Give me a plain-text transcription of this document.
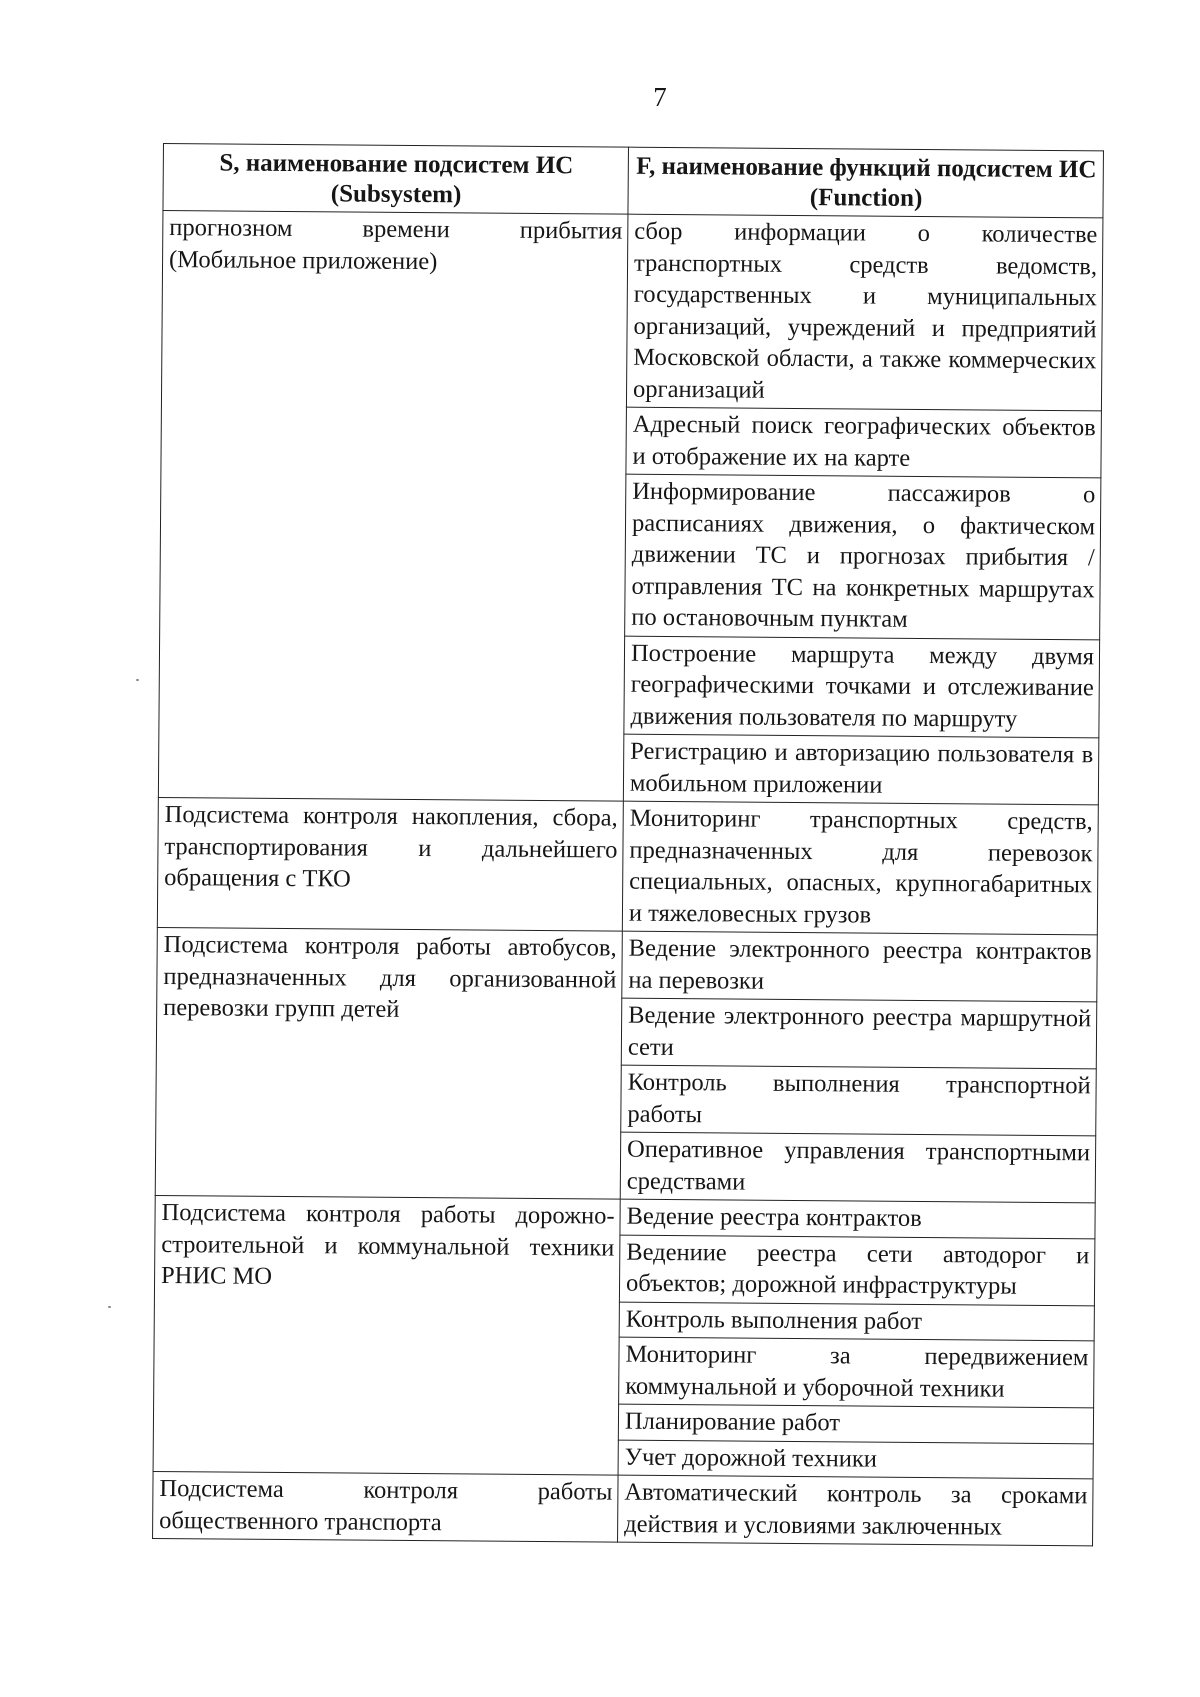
7
S, наименование подсистем ИС (Subsystem)	F, наименование функций подсистем ИС (Function)
прогнозном времени прибытия (Мобильное приложение)	сбор информации о количестве транспортных средств ведомств, государственных и муниципальных организаций, учреждений и предприятий Московской области, а также коммерческих организаций
	Адресный поиск географических объектов и отображение их на карте
	Информирование пассажиров о расписаниях движения, о фактическом движении ТС и прогнозах прибытия / отправления ТС на конкретных маршрутах по остановочным пунктам
	Построение маршрута между двумя географическими точками и отслеживание движения пользователя по маршруту
	Регистрацию и авторизацию пользователя в мобильном приложении
Подсистема контроля накопления, сбора, транспортирования и дальнейшего обращения с ТКО	Мониторинг транспортных средств, предназначенных для перевозок специальных, опасных, крупногабаритных и тяжеловесных грузов
Подсистема контроля работы автобусов, предназначенных для организованной перевозки групп детей	Ведение электронного реестра контрактов на перевозки
	Ведение электронного реестра маршрутной сети
	Контроль выполнения транспортной работы
	Оперативное управления транспортными средствами
Подсистема контроля работы дорожно-строительной и коммунальной техники РНИС МО	Ведение реестра контрактов
	Ведениие реестра сети автодорог и объектов; дорожной инфраструктуры
	Контроль выполнения работ
	Мониторинг за передвижением коммунальной и уборочной техники
	Планирование работ
	Учет дорожной техники
Подсистема контроля работы общественного транспорта	Автоматический контроль за сроками действия и условиями заключенных
